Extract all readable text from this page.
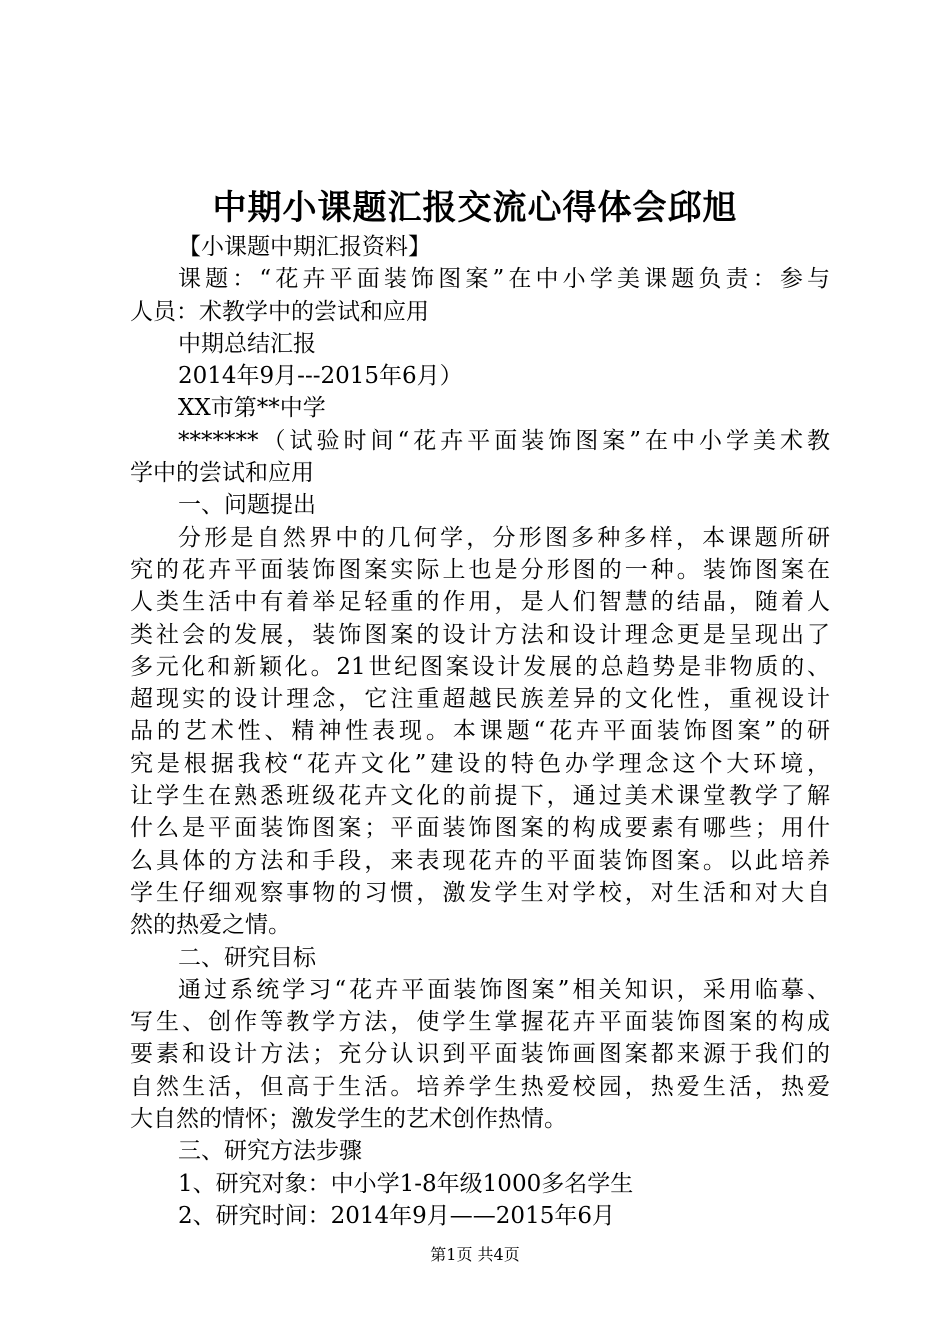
中期小课题汇报交流心得体会邱旭
【小课题中期汇报资料】
课题：“花卉平面装饰图案”在中小学美课题负责：参与
人员：术教学中的尝试和应用
中期总结汇报
2014年9月---2015年6月）
XX市第**中学
*******（试验时间“花卉平面装饰图案”在中小学美术教
学中的尝试和应用
一、问题提出
分形是自然界中的几何学，分形图多种多样，本课题所研
究的花卉平面装饰图案实际上也是分形图的一种。装饰图案在
人类生活中有着举足轻重的作用，是人们智慧的结晶，随着人
类社会的发展，装饰图案的设计方法和设计理念更是呈现出了
多元化和新颖化。21世纪图案设计发展的总趋势是非物质的、
超现实的设计理念，它注重超越民族差异的文化性，重视设计
品的艺术性、精神性表现。本课题“花卉平面装饰图案”的研
究是根据我校“花卉文化”建设的特色办学理念这个大环境，
让学生在熟悉班级花卉文化的前提下，通过美术课堂教学了解
什么是平面装饰图案；平面装饰图案的构成要素有哪些；用什
么具体的方法和手段，来表现花卉的平面装饰图案。以此培养
学生仔细观察事物的习惯，激发学生对学校，对生活和对大自
然的热爱之情。
二、研究目标
通过系统学习“花卉平面装饰图案”相关知识，采用临摹、
写生、创作等教学方法，使学生掌握花卉平面装饰图案的构成
要素和设计方法；充分认识到平面装饰画图案都来源于我们的
自然生活，但高于生活。培养学生热爱校园，热爱生活，热爱
大自然的情怀；激发学生的艺术创作热情。
三、研究方法步骤
1、研究对象：中小学1-8年级1000多名学生
2、研究时间：2014年9月——2015年6月
第1页 共4页
